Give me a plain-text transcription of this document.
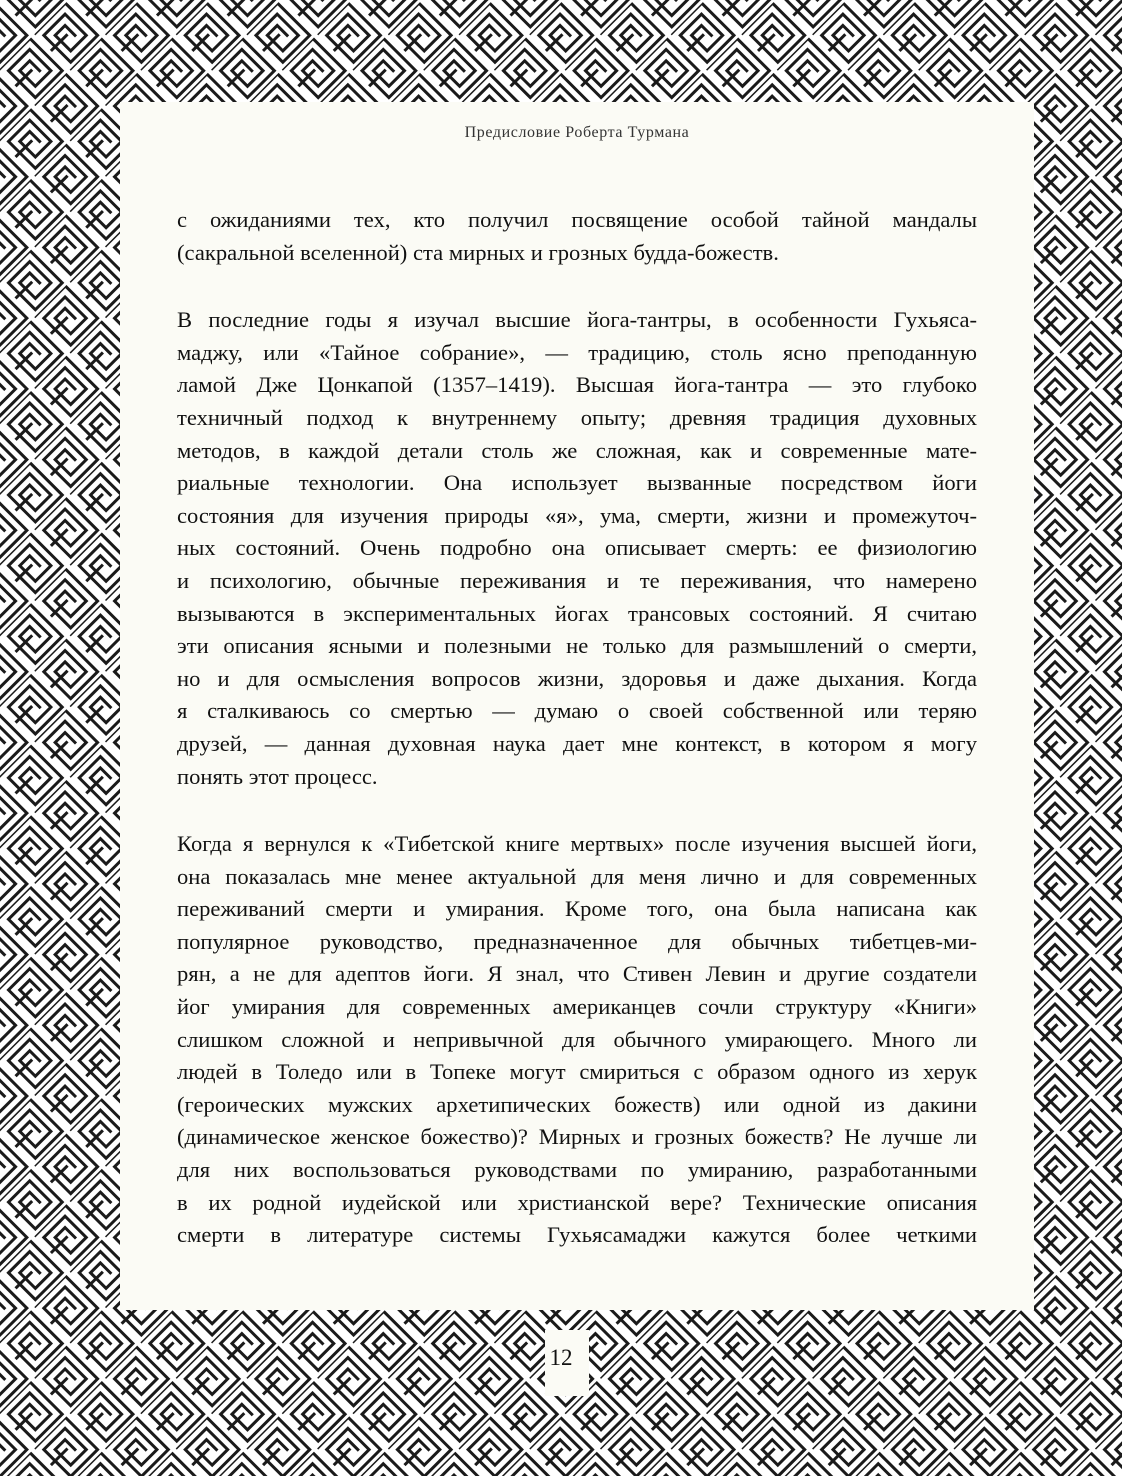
Предисловие Роберта Турмана
с ожиданиями тех, кто получил посвящение особой тайной мандалы
(сакральной вселенной) ста мирных и грозных будда-божеств.
В последние годы я изучал высшие йога-тантры, в особенности Гухьяса-
маджу, или «Тайное собрание», — традицию, столь ясно преподанную
ламой Дже Цонкапой (1357–1419). Высшая йога-тантра — это глубоко
техничный подход к внутреннему опыту; древняя традиция духовных
методов, в каждой детали столь же сложная, как и современные мате-
риальные технологии. Она использует вызванные посредством йоги
состояния для изучения природы «я», ума, смерти, жизни и промежуточ-
ных состояний. Очень подробно она описывает смерть: ее физиологию
и психологию, обычные переживания и те переживания, что намерено
вызываются в экспериментальных йогах трансовых состояний. Я считаю
эти описания ясными и полезными не только для размышлений о смерти,
но и для осмысления вопросов жизни, здоровья и даже дыхания. Когда
я сталкиваюсь со смертью — думаю о своей собственной или теряю
друзей, — данная духовная наука дает мне контекст, в котором я могу
понять этот процесс.
Когда я вернулся к «Тибетской книге мертвых» после изучения высшей йоги,
она показалась мне менее актуальной для меня лично и для современных
переживаний смерти и умирания. Кроме того, она была написана как
популярное руководство, предназначенное для обычных тибетцев-ми-
рян, а не для адептов йоги. Я знал, что Стивен Левин и другие создатели
йог умирания для современных американцев сочли структуру «Книги»
слишком сложной и непривычной для обычного умирающего. Много ли
людей в Толедо или в Топеке могут смириться с образом одного из херук
(героических мужских архетипических божеств) или одной из дакини
(динамическое женское божество)? Мирных и грозных божеств? Не лучше ли
для них воспользоваться руководствами по умиранию, разработанными
в их родной иудейской или христианской вере? Технические описания
смерти в литературе системы Гухьясамаджи кажутся более четкими
12
